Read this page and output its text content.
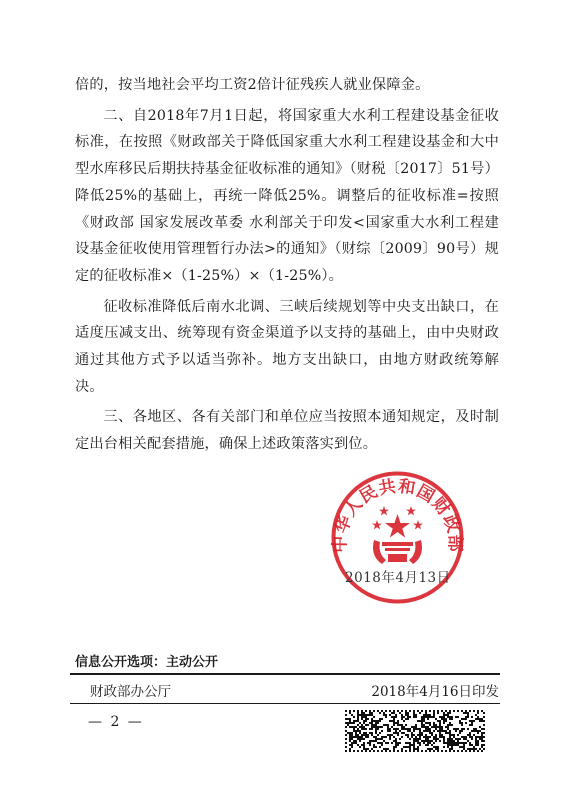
倍的，按当地社会平均工资2倍计征残疾人就业保障金。

二、自2018年7月1日起，将国家重大水利工程建设基金征收标准，在按照《财政部关于降低国家重大水利工程建设基金和大中型水库移民后期扶持基金征收标准的通知》（财税〔2017〕51号）降低25%的基础上，再统一降低25%。调整后的征收标准=按照《财政部 国家发展改革委 水利部关于印发<国家重大水利工程建设基金征收使用管理暂行办法>的通知》（财综〔2009〕90号）规定的征收标准×（1-25%）×（1-25%）。

征收标准降低后南水北调、三峡后续规划等中央支出缺口，在适度压减支出、统筹现有资金渠道予以支持的基础上，由中央财政通过其他方式予以适当弥补。地方支出缺口，由地方财政统筹解决。

三、各地区、各有关部门和单位应当按照本通知规定，及时制定出台相关配套措施，确保上述政策落实到位。

中华人民共和国财政部
2018年4月13日
信息公开选项：主动公开
财政部办公厅	2018年4月16日印发
— 2 —
